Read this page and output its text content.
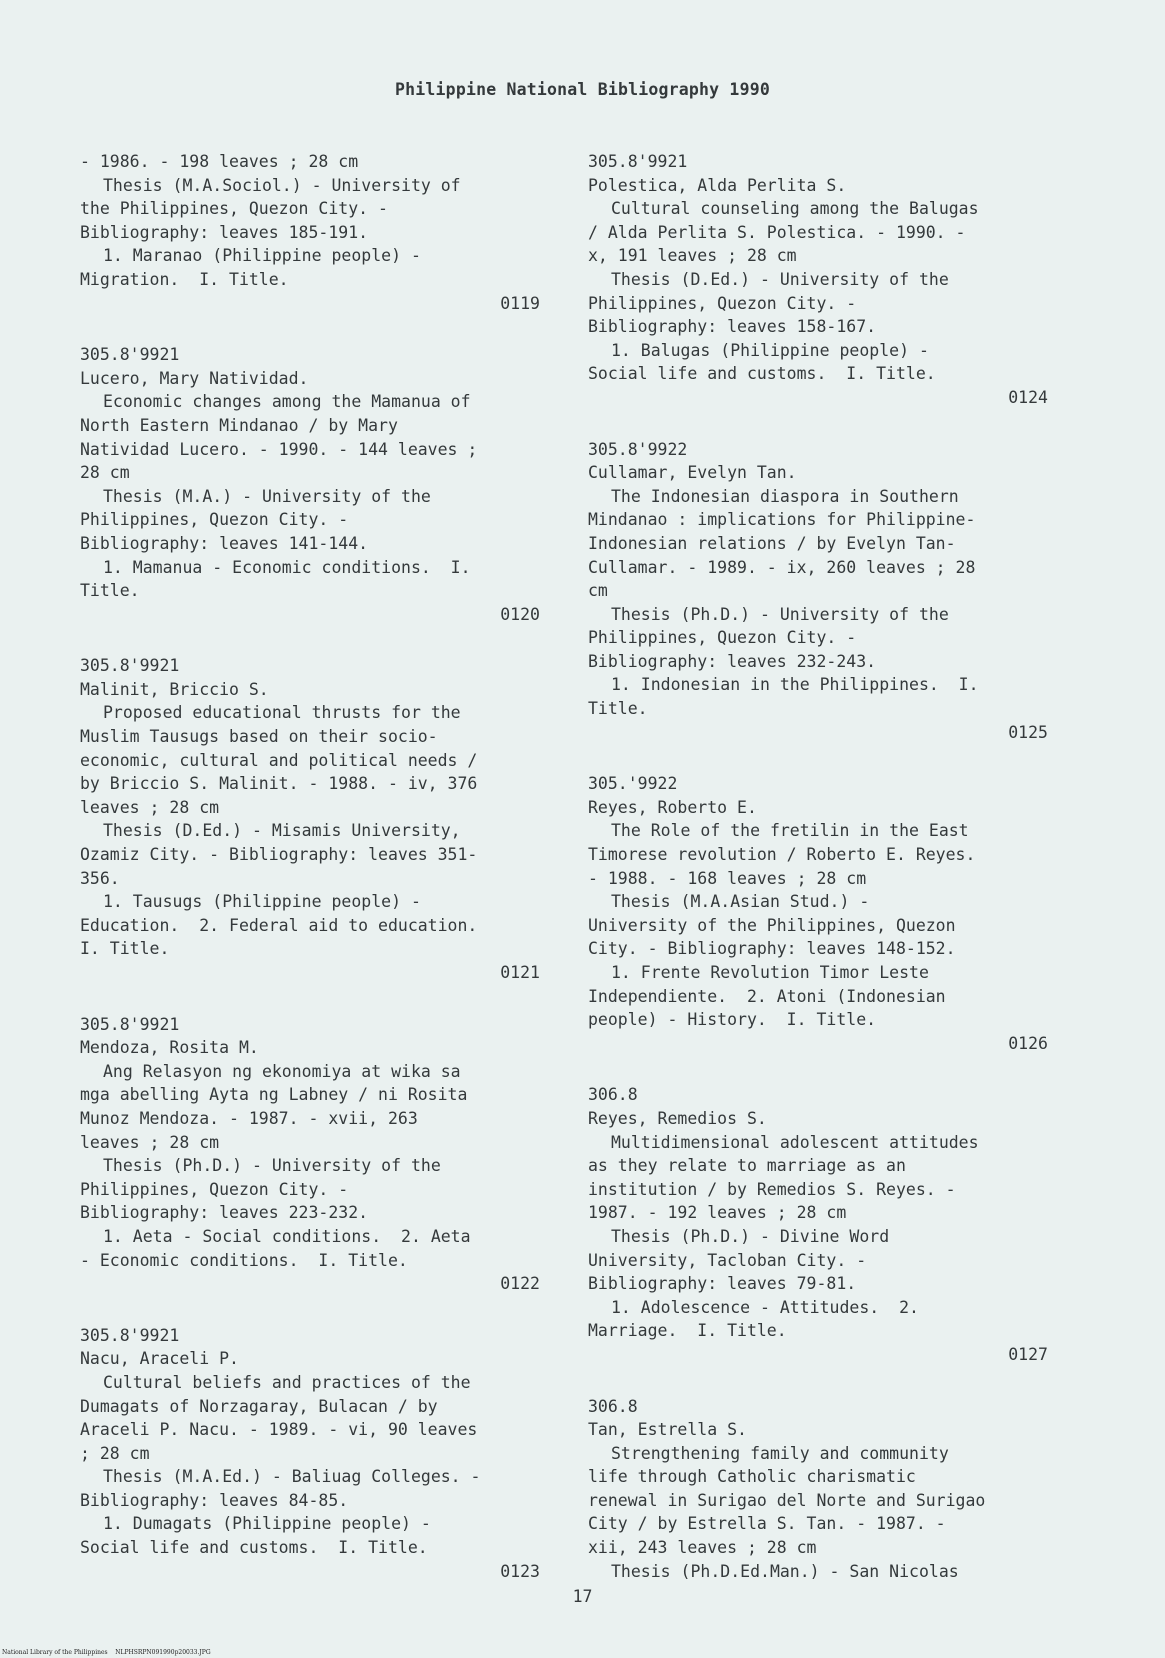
Philippine National Bibliography 1990
- 1986. - 198 leaves ; 28 cm
Thesis (M.A.Sociol.) - University of
the Philippines, Quezon City. -
Bibliography: leaves 185-191.
1. Maranao (Philippine people) -
Migration.  I. Title.
0119
305.8'9921
Lucero, Mary Natividad.
Economic changes among the Mamanua of
North Eastern Mindanao / by Mary
Natividad Lucero. - 1990. - 144 leaves ;
28 cm
Thesis (M.A.) - University of the
Philippines, Quezon City. -
Bibliography: leaves 141-144.
1. Mamanua - Economic conditions.  I.
Title.
0120
305.8'9921
Malinit, Briccio S.
Proposed educational thrusts for the
Muslim Tausugs based on their socio-
economic, cultural and political needs /
by Briccio S. Malinit. - 1988. - iv, 376
leaves ; 28 cm
Thesis (D.Ed.) - Misamis University,
Ozamiz City. - Bibliography: leaves 351-
356.
1. Tausugs (Philippine people) -
Education.  2. Federal aid to education.
I. Title.
0121
305.8'9921
Mendoza, Rosita M.
Ang Relasyon ng ekonomiya at wika sa
mga abelling Ayta ng Labney / ni Rosita
Munoz Mendoza. - 1987. - xvii, 263
leaves ; 28 cm
Thesis (Ph.D.) - University of the
Philippines, Quezon City. -
Bibliography: leaves 223-232.
1. Aeta - Social conditions.  2. Aeta
- Economic conditions.  I. Title.
0122
305.8'9921
Nacu, Araceli P.
Cultural beliefs and practices of the
Dumagats of Norzagaray, Bulacan / by
Araceli P. Nacu. - 1989. - vi, 90 leaves
; 28 cm
Thesis (M.A.Ed.) - Baliuag Colleges. -
Bibliography: leaves 84-85.
1. Dumagats (Philippine people) -
Social life and customs.  I. Title.
0123
305.8'9921
Polestica, Alda Perlita S.
Cultural counseling among the Balugas
/ Alda Perlita S. Polestica. - 1990. -
x, 191 leaves ; 28 cm
Thesis (D.Ed.) - University of the
Philippines, Quezon City. -
Bibliography: leaves 158-167.
1. Balugas (Philippine people) -
Social life and customs.  I. Title.
0124
305.8'9922
Cullamar, Evelyn Tan.
The Indonesian diaspora in Southern
Mindanao : implications for Philippine-
Indonesian relations / by Evelyn Tan-
Cullamar. - 1989. - ix, 260 leaves ; 28
cm
Thesis (Ph.D.) - University of the
Philippines, Quezon City. -
Bibliography: leaves 232-243.
1. Indonesian in the Philippines.  I.
Title.
0125
305.'9922
Reyes, Roberto E.
The Role of the fretilin in the East
Timorese revolution / Roberto E. Reyes.
- 1988. - 168 leaves ; 28 cm
Thesis (M.A.Asian Stud.) -
University of the Philippines, Quezon
City. - Bibliography: leaves 148-152.
1. Frente Revolution Timor Leste
Independiente.  2. Atoni (Indonesian
people) - History.  I. Title.
0126
306.8
Reyes, Remedios S.
Multidimensional adolescent attitudes
as they relate to marriage as an
institution / by Remedios S. Reyes. -
1987. - 192 leaves ; 28 cm
Thesis (Ph.D.) - Divine Word
University, Tacloban City. -
Bibliography: leaves 79-81.
1. Adolescence - Attitudes.  2.
Marriage.  I. Title.
0127
306.8
Tan, Estrella S.
Strengthening family and community
life through Catholic charismatic
renewal in Surigao del Norte and Surigao
City / by Estrella S. Tan. - 1987. -
xii, 243 leaves ; 28 cm
Thesis (Ph.D.Ed.Man.) - San Nicolas
17
National Library of the Philippines    NLPHSRPN091990p20033.JPG
